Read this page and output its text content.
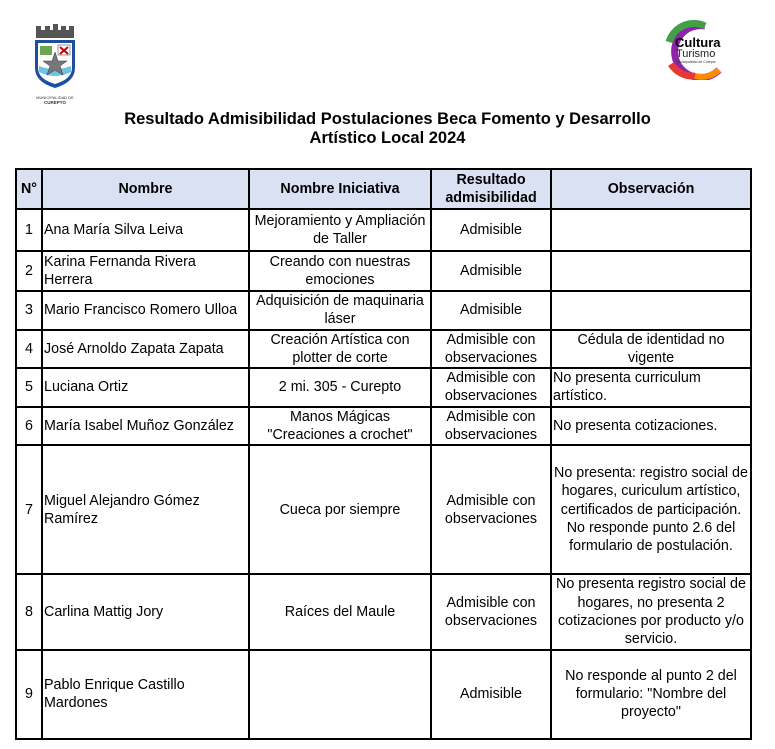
MUNICIPALIDAD DE
CUREPTO
Cultura
Turismo
Municipalidad de Curepto
Resultado Admisibilidad Postulaciones Beca Fomento y Desarrollo
Artístico Local 2024
N°	Nombre	Nombre Iniciativa	Resultado admisibilidad	Observación
1	Ana María Silva Leiva	Mejoramiento y Ampliación de Taller	Admisible	
2	Karina Fernanda Rivera Herrera	Creando con nuestras emociones	Admisible	
3	Mario Francisco Romero Ulloa	Adquisición de maquinaria láser	Admisible	
4	José Arnoldo Zapata Zapata	Creación Artística con plotter de corte	Admisible con observaciones	Cédula de identidad no vigente
5	Luciana Ortiz	2 mi. 305 - Curepto	Admisible con observaciones	No presenta curriculum artístico.
6	María Isabel Muñoz González	Manos Mágicas "Creaciones a crochet"	Admisible con observaciones	No presenta cotizaciones.
7	Miguel Alejandro Gómez Ramírez	Cueca por siempre	Admisible con observaciones	No presenta: registro social de hogares, curiculum artístico, certificados de participación. No responde punto 2.6 del formulario de postulación.
8	Carlina Mattig Jory	Raíces del Maule	Admisible con observaciones	No presenta registro social de hogares, no presenta 2 cotizaciones por producto y/o servicio.
9	Pablo Enrique Castillo Mardones		Admisible	No responde al punto 2 del formulario: "Nombre del proyecto"
